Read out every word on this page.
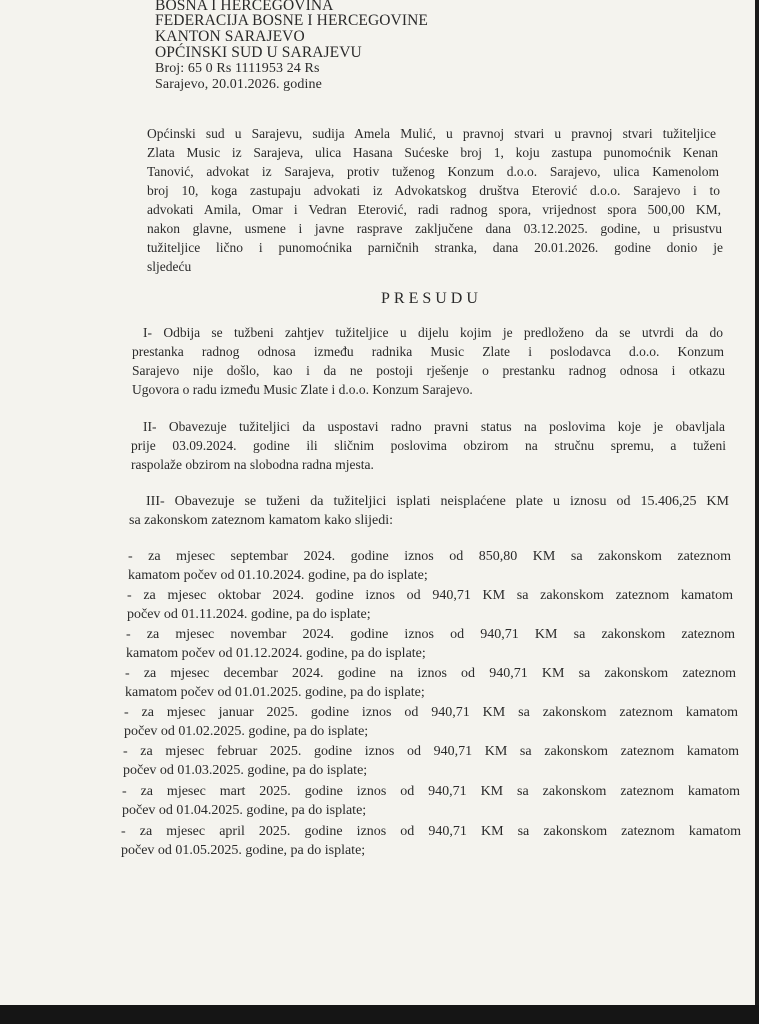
BOSNA I HERCEGOVINA
FEDERACIJA BOSNE I HERCEGOVINE
KANTON SARAJEVO
OPĆINSKI SUD U SARAJEVU
Broj: 65 0 Rs 1111953 24 Rs
Sarajevo, 20.01.2026. godine
Općinski sud u Sarajevu, sudija Amela Mulić, u pravnoj stvari u pravnoj stvari tužiteljice
Zlata Music iz Sarajeva, ulica Hasana Sućeske broj 1, koju zastupa punomoćnik Kenan
Tanović, advokat iz Sarajeva, protiv tuženog Konzum d.o.o. Sarajevo, ulica Kamenolom
broj 10, koga zastupaju advokati iz Advokatskog društva Eterović d.o.o. Sarajevo i to
advokati Amila, Omar i Vedran Eterović, radi radnog spora, vrijednost spora 500,00 KM,
nakon glavne, usmene i javne rasprave zaključene dana 03.12.2025. godine, u prisustvu
tužiteljice lično i punomoćnika parničnih stranka, dana 20.01.2026. godine donio je
sljedeću
PRESUDU
I- Odbija se tužbeni zahtjev tužiteljice u dijelu kojim je predloženo da se utvrdi da do
prestanka radnog odnosa između radnika Music Zlate i poslodavca d.o.o. Konzum
Sarajevo nije došlo, kao i da ne postoji rješenje o prestanku radnog odnosa i otkazu
Ugovora o radu između Music Zlate i d.o.o. Konzum Sarajevo.
II- Obavezuje tužiteljici da uspostavi radno pravni status na poslovima koje je obavljala
prije 03.09.2024. godine ili sličnim poslovima obzirom na stručnu spremu, a tuženi
raspolaže obzirom na slobodna radna mjesta.
III- Obavezuje se tuženi da tužiteljici isplati neisplaćene plate u iznosu od 15.406,25 KM
sa zakonskom zateznom kamatom kako slijedi:
- za mjesec septembar 2024. godine iznos od 850,80 KM sa zakonskom zateznom
kamatom počev od 01.10.2024. godine, pa do isplate;
- za mjesec oktobar 2024. godine iznos od 940,71 KM sa zakonskom zateznom kamatom
počev od 01.11.2024. godine, pa do isplate;
- za mjesec novembar 2024. godine iznos od 940,71 KM sa zakonskom zateznom
kamatom počev od 01.12.2024. godine, pa do isplate;
- za mjesec decembar 2024. godine na iznos od 940,71 KM sa zakonskom zateznom
kamatom počev od 01.01.2025. godine, pa do isplate;
- za mjesec januar 2025. godine iznos od 940,71 KM sa zakonskom zateznom kamatom
počev od 01.02.2025. godine, pa do isplate;
- za mjesec februar 2025. godine iznos od 940,71 KM sa zakonskom zateznom kamatom
počev od 01.03.2025. godine, pa do isplate;
- za mjesec mart 2025. godine iznos od 940,71 KM sa zakonskom zateznom kamatom
počev od 01.04.2025. godine, pa do isplate;
- za mjesec april 2025. godine iznos od 940,71 KM sa zakonskom zateznom kamatom
počev od 01.05.2025. godine, pa do isplate;
